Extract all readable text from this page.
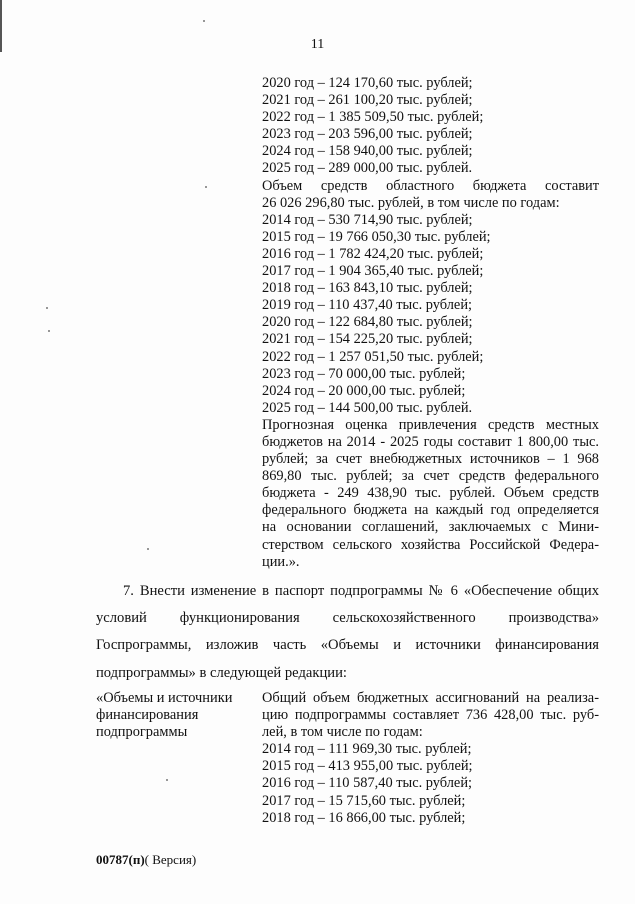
11
2020 год – 124 170,60 тыс. рублей;
2021 год – 261 100,20 тыс. рублей;
2022 год – 1 385 509,50 тыс. рублей;
2023 год – 203 596,00 тыс. рублей;
2024 год – 158 940,00 тыс. рублей;
2025 год – 289 000,00 тыс. рублей.
Объем средств областного бюджета составит
26 026 296,80 тыс. рублей, в том числе по годам:
2014 год – 530 714,90 тыс. рублей;
2015 год – 19 766 050,30 тыс. рублей;
2016 год – 1 782 424,20 тыс. рублей;
2017 год – 1 904 365,40 тыс. рублей;
2018 год – 163 843,10 тыс. рублей;
2019 год – 110 437,40 тыс. рублей;
2020 год – 122 684,80 тыс. рублей;
2021 год – 154 225,20 тыс. рублей;
2022 год – 1 257 051,50 тыс. рублей;
2023 год – 70 000,00 тыс. рублей;
2024 год – 20 000,00 тыс. рублей;
2025 год – 144 500,00 тыс. рублей.
Прогнозная оценка привлечения средств местных
бюджетов на 2014 - 2025 годы составит 1 800,00 тыс.
рублей; за счет внебюджетных источников – 1 968
869,80 тыс. рублей; за счет средств федерального
бюджета - 249 438,90 тыс. рублей. Объем средств
федерального бюджета на каждый год определяется
на основании соглашений, заключаемых с Мини-
стерством сельского хозяйства Российской Федера-
ции.».
7. Внести изменение в паспорт подпрограммы № 6 «Обеспечение общих
условий функционирования сельскохозяйственного производства»
Госпрограммы, изложив часть «Объемы и источники финансирования
подпрограммы» в следующей редакции:
«Объемы и источники
финансирования
подпрограммы
Общий объем бюджетных ассигнований на реализа-
цию подпрограммы составляет 736 428,00 тыс. руб-
лей, в том числе по годам:
2014 год – 111 969,30 тыс. рублей;
2015 год – 413 955,00 тыс. рублей;
2016 год – 110 587,40 тыс. рублей;
2017 год – 15 715,60 тыс. рублей;
2018 год – 16 866,00 тыс. рублей;
00787(п)( Версия)
